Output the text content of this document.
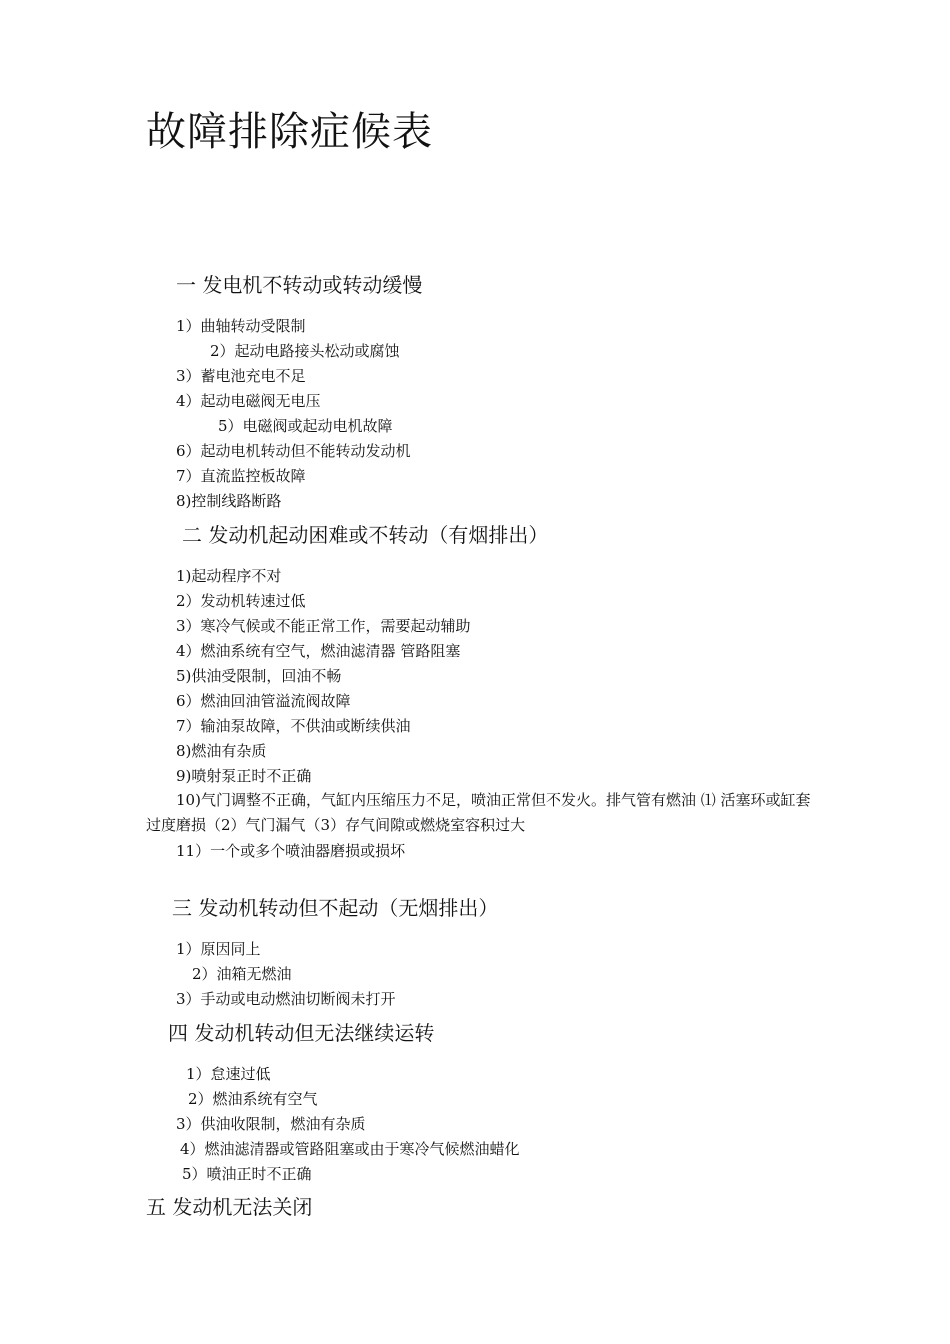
故障排除症候表
一 发电机不转动或转动缓慢
1）曲轴转动受限制
2）起动电路接头松动或腐蚀
3）蓄电池充电不足
4）起动电磁阀无电压
5）电磁阀或起动电机故障
6）起动电机转动但不能转动发动机
7）直流监控板故障
8)控制线路断路
二 发动机起动困难或不转动（有烟排出）
1)起动程序不对
2）发动机转速过低
3）寒冷气候或不能正常工作，需要起动辅助
4）燃油系统有空气，燃油滤清器 管路阻塞
5)供油受限制，回油不畅
6）燃油回油管溢流阀故障
7）输油泵故障，不供油或断续供油
8)燃油有杂质
9)喷射泵正时不正确
10)气门调整不正确，气缸内压缩压力不足，喷油正常但不发火。排气管有燃油 ⑴ 活塞环或缸套过度磨损（2）气门漏气（3）存气间隙或燃烧室容积过大
11）一个或多个喷油器磨损或损坏
三 发动机转动但不起动（无烟排出）
1）原因同上
2）油箱无燃油
3）手动或电动燃油切断阀未打开
四 发动机转动但无法继续运转
1）怠速过低
2）燃油系统有空气
3）供油收限制，燃油有杂质
4）燃油滤清器或管路阻塞或由于寒冷气候燃油蜡化
5）喷油正时不正确
五 发动机无法关闭
